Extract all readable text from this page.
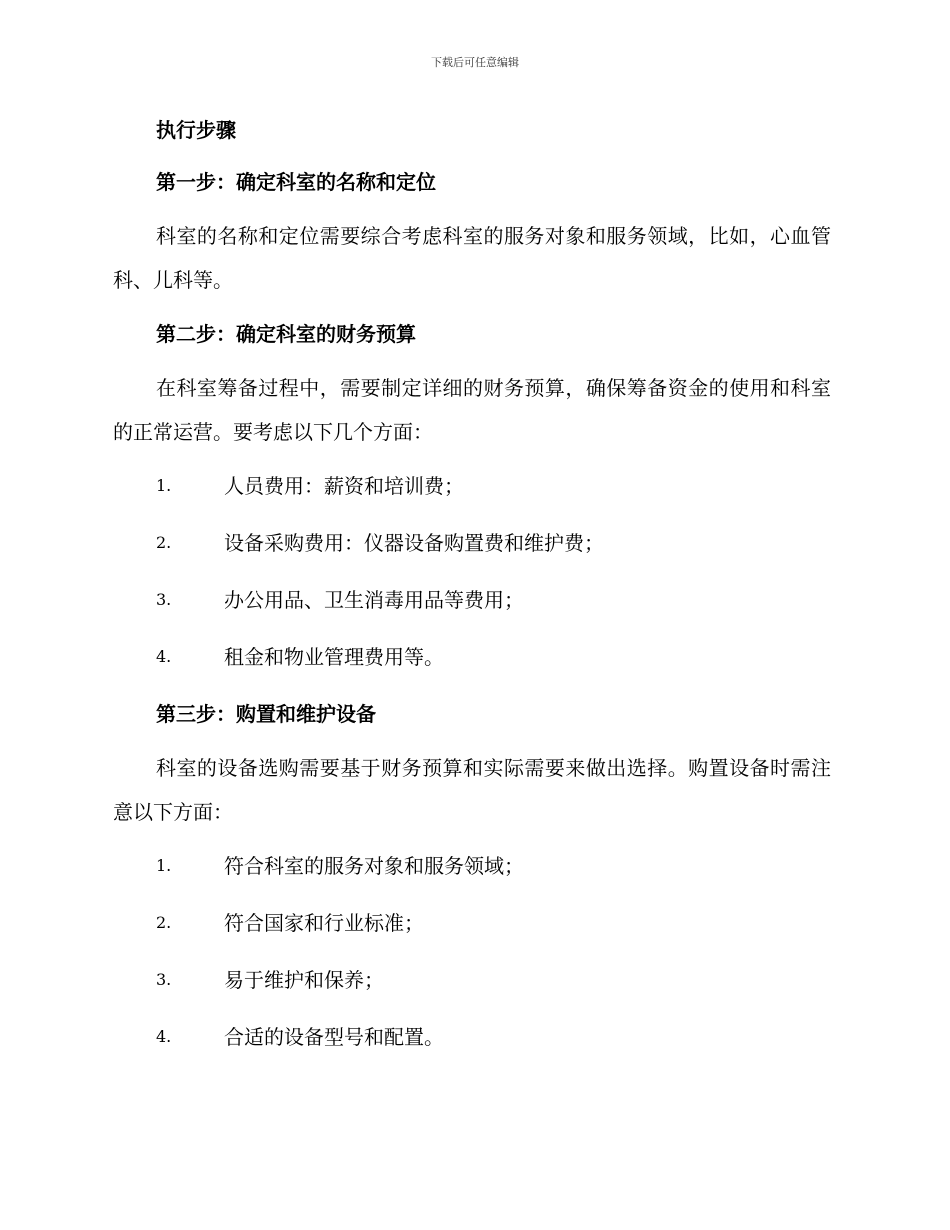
下载后可任意编辑

执行步骤

第一步：确定科室的名称和定位

科室的名称和定位需要综合考虑科室的服务对象和服务领域，比如，心血管科、儿科等。

第二步：确定科室的财务预算

在科室筹备过程中，需要制定详细的财务预算，确保筹备资金的使用和科室的正常运营。要考虑以下几个方面：

1.	人员费用：薪资和培训费；
2.	设备采购费用：仪器设备购置费和维护费；
3.	办公用品、卫生消毒用品等费用；
4.	租金和物业管理费用等。

第三步：购置和维护设备

科室的设备选购需要基于财务预算和实际需要来做出选择。购置设备时需注意以下方面：

1.	符合科室的服务对象和服务领域；
2.	符合国家和行业标准；
3.	易于维护和保养；
4.	合适的设备型号和配置。
